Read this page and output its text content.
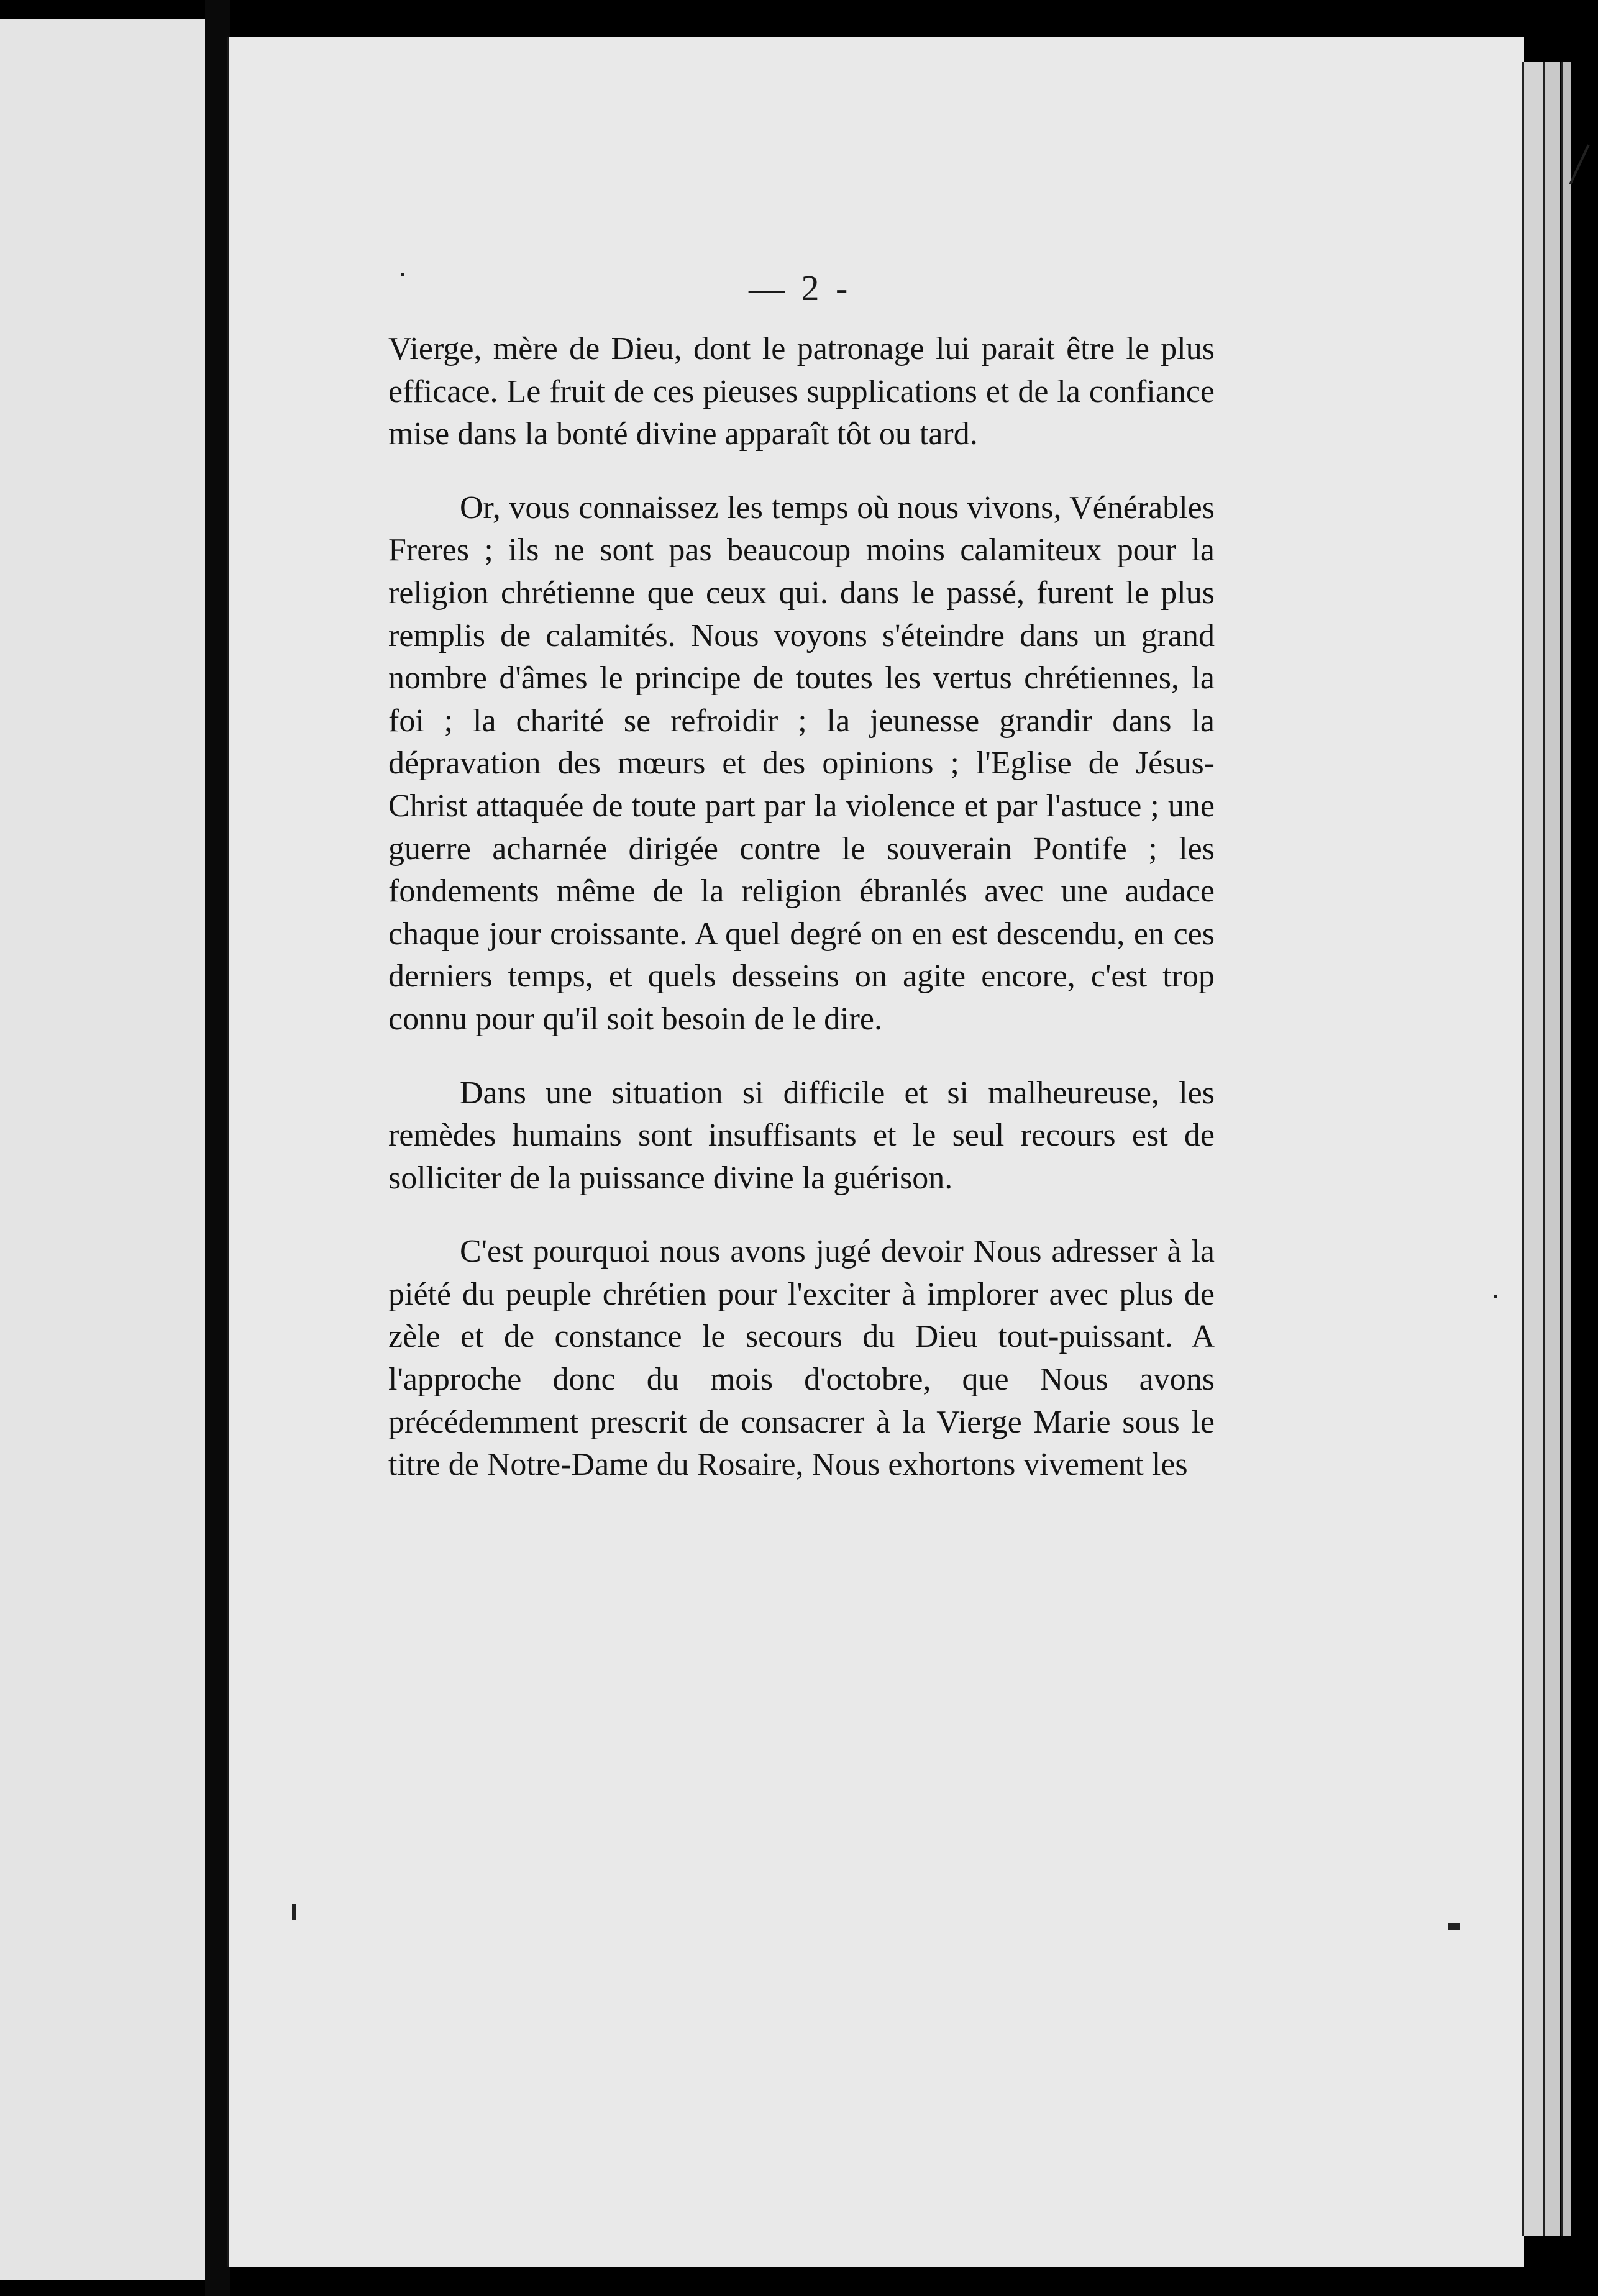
— 2 -

Vierge, mère de Dieu, dont le patronage lui parait être le plus efficace. Le fruit de ces pieuses supplications et de la confiance mise dans la bonté divine apparaît tôt ou tard.

Or, vous connaissez les temps où nous vivons, Vénérables Freres ; ils ne sont pas beaucoup moins calamiteux pour la religion chrétienne que ceux qui. dans le passé, furent le plus remplis de calamités. Nous voyons s'éteindre dans un grand nombre d'âmes le principe de toutes les vertus chrétiennes, la foi ; la charité se refroidir ; la jeunesse grandir dans la dépravation des mœurs et des opinions ; l'Eglise de Jésus-Christ attaquée de toute part par la violence et par l'astuce ; une guerre acharnée dirigée contre le souverain Pontife ; les fondements même de la religion ébranlés avec une audace chaque jour croissante. A quel degré on en est descendu, en ces derniers temps, et quels desseins on agite encore, c'est trop connu pour qu'il soit besoin de le dire.

Dans une situation si difficile et si malheureuse, les remèdes humains sont insuffisants et le seul recours est de solliciter de la puissance divine la guérison.

C'est pourquoi nous avons jugé devoir Nous adresser à la piété du peuple chrétien pour l'exciter à implorer avec plus de zèle et de constance le secours du Dieu tout-puissant. A l'approche donc du mois d'octobre, que Nous avons précédemment prescrit de consacrer à la Vierge Marie sous le titre de Notre-Dame du Rosaire, Nous exhortons vivement les
